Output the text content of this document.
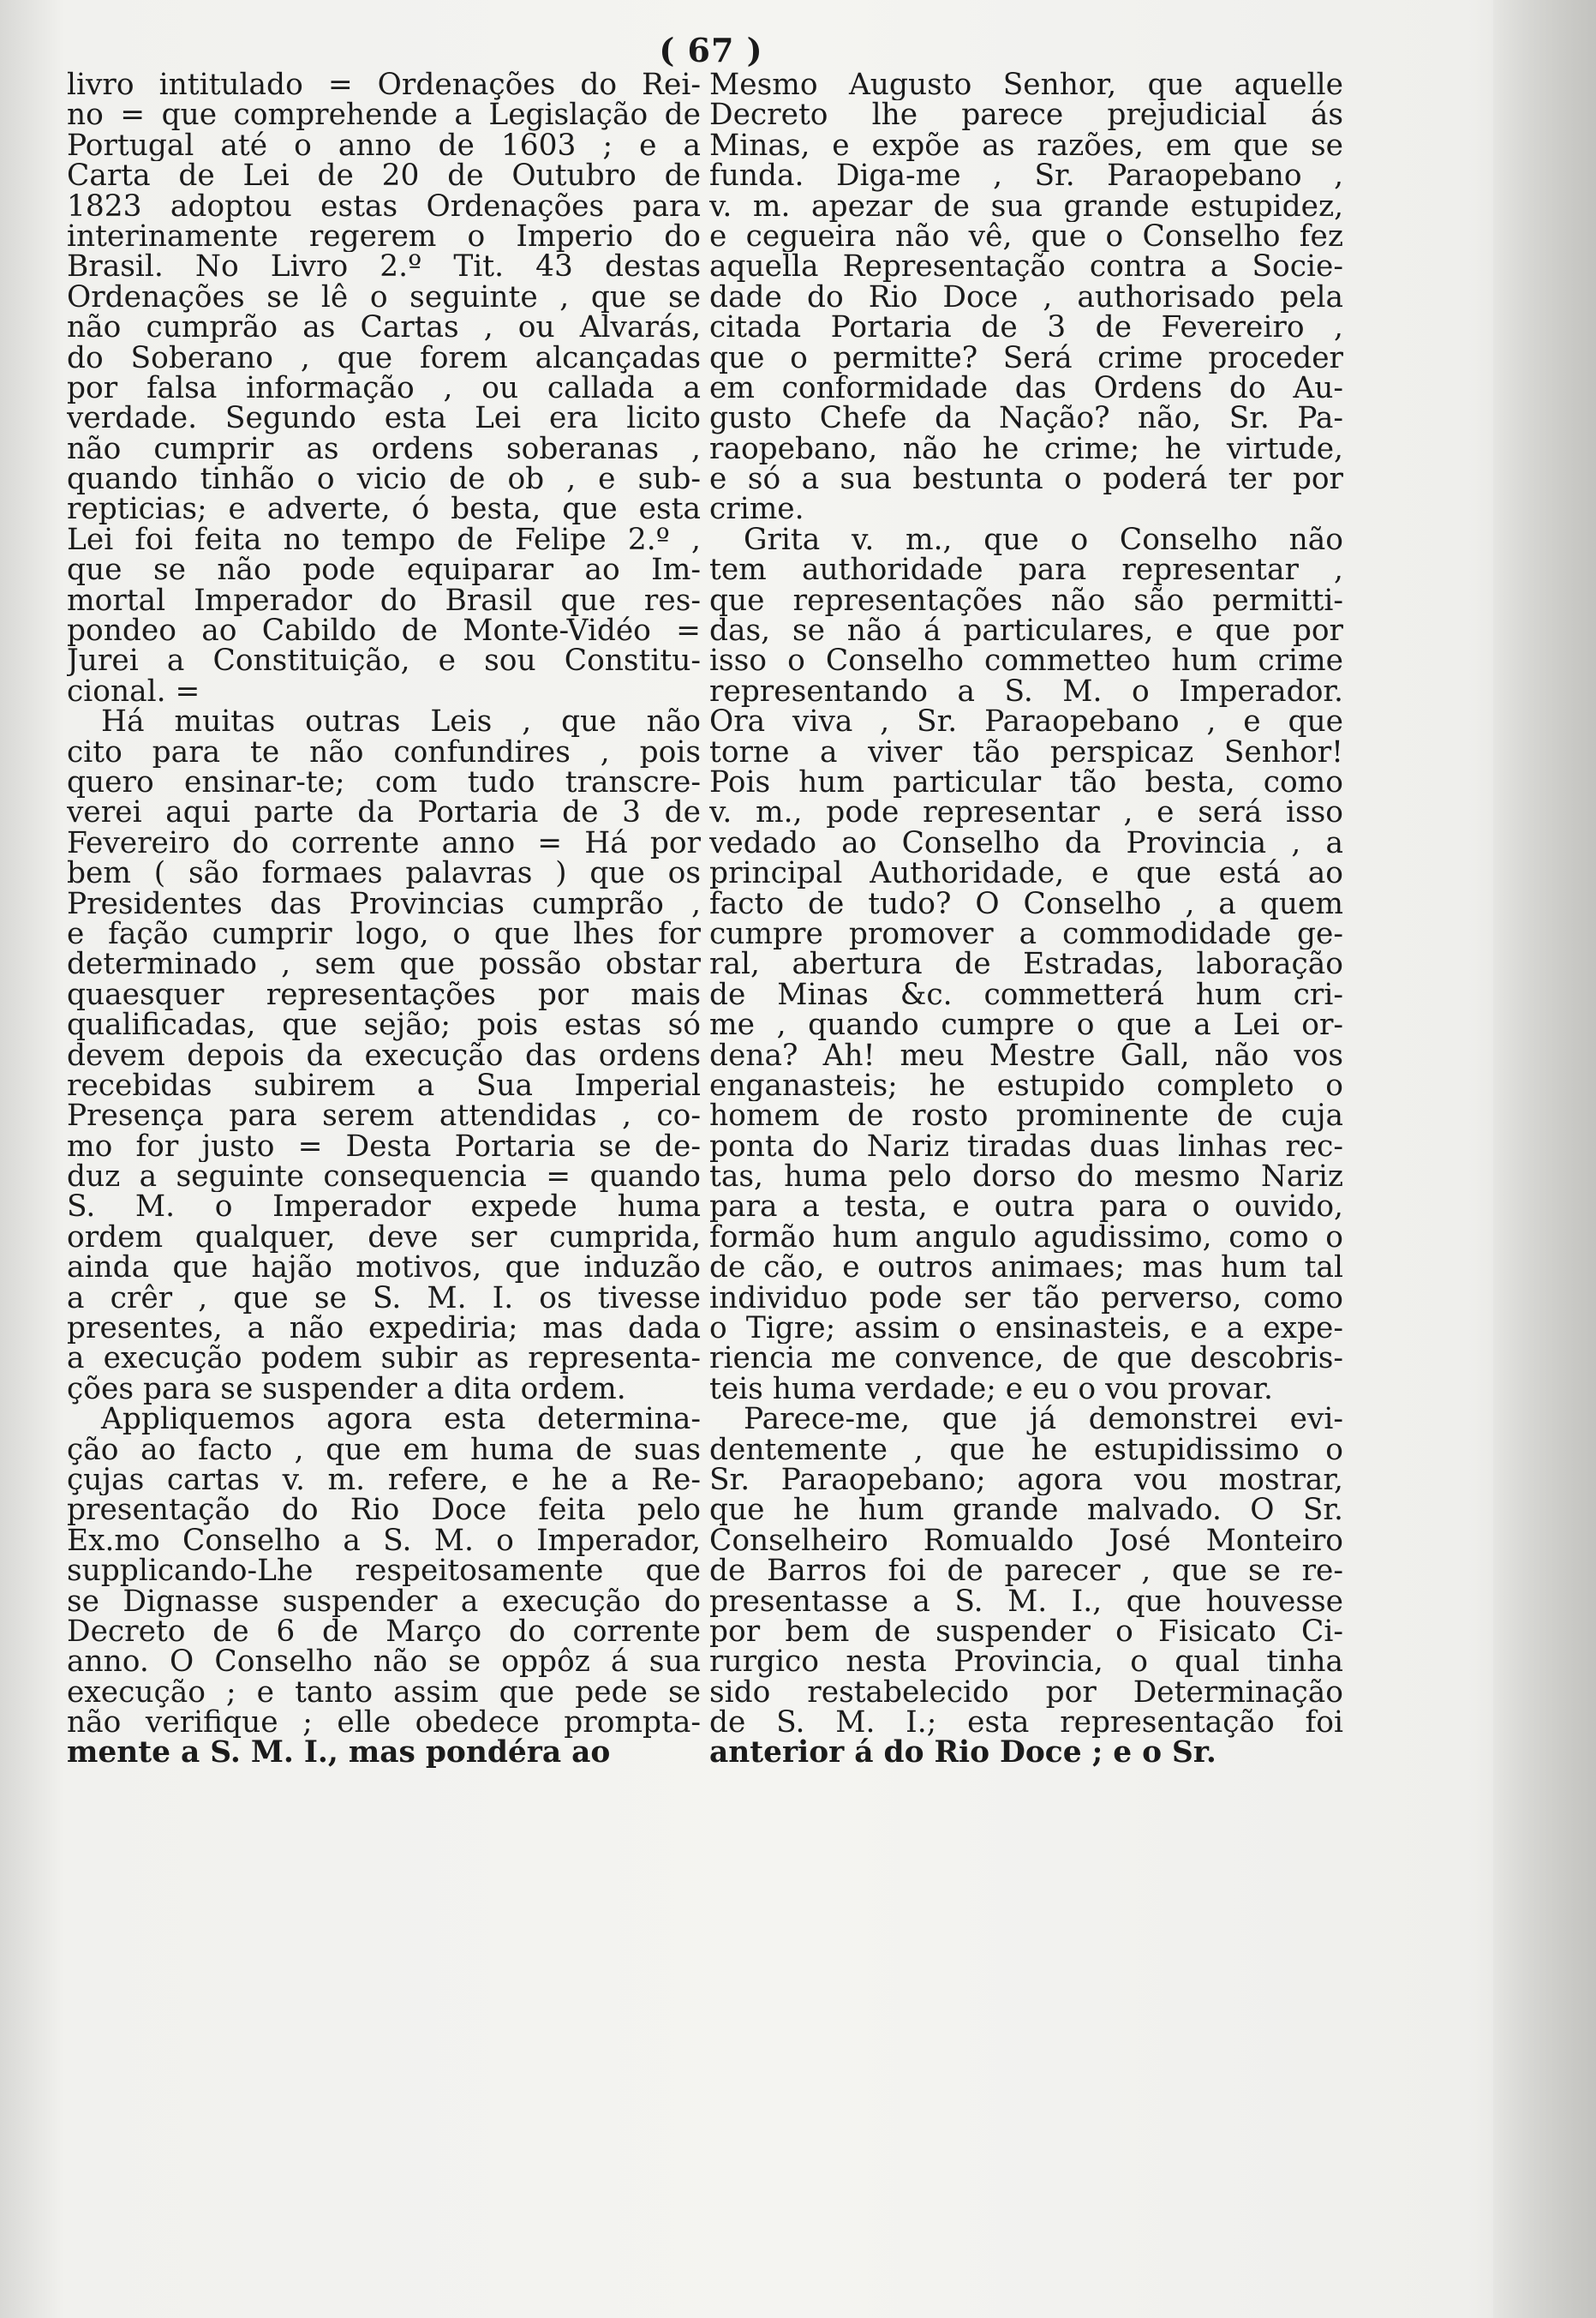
( 67 )
livro intitulado = Ordenações do Rei-
no = que comprehende a Legislação de
Portugal até o anno de 1603 ; e a
Carta de Lei de 20 de Outubro de
1823 adoptou estas Ordenações para
interinamente regerem o Imperio do
Brasil. No Livro 2.º Tit. 43 destas
Ordenações se lê o seguinte , que se
não cumprão as Cartas , ou Alvarás,
do Soberano , que forem alcançadas
por falsa informação , ou callada a
verdade. Segundo esta Lei era licito
não cumprir as ordens soberanas ,
quando tinhão o vicio de ob , e sub-
repticias; e adverte, ó besta, que esta
Lei foi feita no tempo de Felipe 2.º ,
que se não pode equiparar ao Im-
mortal Imperador do Brasil que res-
pondeo ao Cabildo de Monte-Vidéo =
Jurei a Constituição, e sou Constitu-
cional. =
Há muitas outras Leis , que não
cito para te não confundires , pois
quero ensinar-te; com tudo transcre-
verei aqui parte da Portaria de 3 de
Fevereiro do corrente anno = Há por
bem ( são formaes palavras ) que os
Presidentes das Provincias cumprão ,
e fação cumprir logo, o que lhes for
determinado , sem que possão obstar
quaesquer representações por mais
qualificadas, que sejão; pois estas só
devem depois da execução das ordens
recebidas subirem a Sua Imperial
Presença para serem attendidas , co-
mo for justo = Desta Portaria se de-
duz a seguinte consequencia = quando
S. M. o Imperador expede huma
ordem qualquer, deve ser cumprida,
ainda que hajão motivos, que induzão
a crêr , que se S. M. I. os tivesse
presentes, a não expediria; mas dada
a execução podem subir as representa-
ções para se suspender a dita ordem.
Appliquemos agora esta determina-
ção ao facto , que em huma de suas
çujas cartas v. m. refere, e he a Re-
presentação do Rio Doce feita pelo
Ex.mo Conselho a S. M. o Imperador,
supplicando-Lhe respeitosamente que
se Dignasse suspender a execução do
Decreto de 6 de Março do corrente
anno. O Conselho não se oppôz á sua
execução ; e tanto assim que pede se
não verifique ; elle obedece prompta-
mente a S. M. I., mas pondéra ao
Mesmo Augusto Senhor, que aquelle
Decreto lhe parece prejudicial ás
Minas, e expõe as razões, em que se
funda. Diga-me , Sr. Paraopebano ,
v. m. apezar de sua grande estupidez,
e cegueira não vê, que o Conselho fez
aquella Representação contra a Socie-
dade do Rio Doce , authorisado pela
citada Portaria de 3 de Fevereiro ,
que o permitte? Será crime proceder
em conformidade das Ordens do Au-
gusto Chefe da Nação? não, Sr. Pa-
raopebano, não he crime; he virtude,
e só a sua bestunta o poderá ter por
crime.
Grita v. m., que o Conselho não
tem authoridade para representar ,
que representações não são permitti-
das, se não á particulares, e que por
isso o Conselho commetteo hum crime
representando a S. M. o Imperador.
Ora viva , Sr. Paraopebano , e que
torne a viver tão perspicaz Senhor!
Pois hum particular tão besta, como
v. m., pode representar , e será isso
vedado ao Conselho da Provincia , a
principal Authoridade, e que está ao
facto de tudo? O Conselho , a quem
cumpre promover a commodidade ge-
ral, abertura de Estradas, laboração
de Minas &c. commetterá hum cri-
me , quando cumpre o que a Lei or-
dena? Ah! meu Mestre Gall, não vos
enganasteis; he estupido completo o
homem de rosto prominente de cuja
ponta do Nariz tiradas duas linhas rec-
tas, huma pelo dorso do mesmo Nariz
para a testa, e outra para o ouvido,
formão hum angulo agudissimo, como o
de cão, e outros animaes; mas hum tal
individuo pode ser tão perverso, como
o Tigre; assim o ensinasteis, e a expe-
riencia me convence, de que descobris-
teis huma verdade; e eu o vou provar.
Parece-me, que já demonstrei evi-
dentemente , que he estupidissimo o
Sr. Paraopebano; agora vou mostrar,
que he hum grande malvado. O Sr.
Conselheiro Romualdo José Monteiro
de Barros foi de parecer , que se re-
presentasse a S. M. I., que houvesse
por bem de suspender o Fisicato Ci-
rurgico nesta Provincia, o qual tinha
sido restabelecido por Determinação
de S. M. I.; esta representação foi
anterior á do Rio Doce ; e o Sr.
